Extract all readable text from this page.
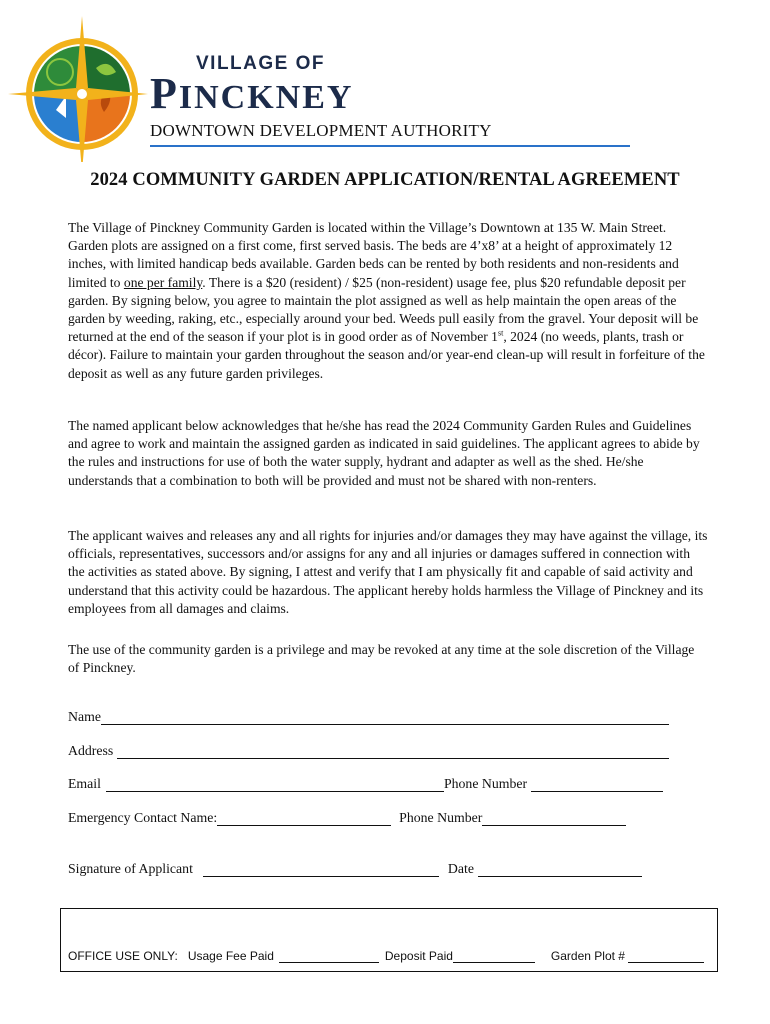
VILLAGE OF
PINCKNEY
DOWNTOWN DEVELOPMENT AUTHORITY
2024 COMMUNITY GARDEN APPLICATION/RENTAL AGREEMENT

The Village of Pinckney Community Garden is located within the Village’s Downtown at 135 W. Main Street. Garden plots are assigned on a first come, first served basis. The beds are 4’x8’ at a height of approximately 12 inches, with limited handicap beds available. Garden beds can be rented by both residents and non-residents and limited to one per family. There is a $20 (resident) / $25 (non-resident) usage fee, plus $20 refundable deposit per garden. By signing below, you agree to maintain the plot assigned as well as help maintain the open areas of the garden by weeding, raking, etc., especially around your bed. Weeds pull easily from the gravel. Your deposit will be returned at the end of the season if your plot is in good order as of November 1st, 2024 (no weeds, plants, trash or décor). Failure to maintain your garden throughout the season and/or year-end clean-up will result in forfeiture of the deposit as well as any future garden privileges.

The named applicant below acknowledges that he/she has read the 2024 Community Garden Rules and Guidelines and agree to work and maintain the assigned garden as indicated in said guidelines. The applicant agrees to abide by the rules and instructions for use of both the water supply, hydrant and adapter as well as the shed. He/she understands that a combination to both will be provided and must not be shared with non-renters.

The applicant waives and releases any and all rights for injuries and/or damages they may have against the village, its officials, representatives, successors and/or assigns for any and all injuries or damages suffered in connection with the activities as stated above. By signing, I attest and verify that I am physically fit and capable of said activity and understand that this activity could be hazardous. The applicant hereby holds harmless the Village of Pinckney and its employees from all damages and claims.

The use of the community garden is a privilege and may be revoked at any time at the sole discretion of the Village of Pinckney.

Name
Address
Email	Phone Number
Emergency Contact Name:	Phone Number
Signature of Applicant	Date
OFFICE USE ONLY: Usage Fee Paid	Deposit Paid	Garden Plot #
